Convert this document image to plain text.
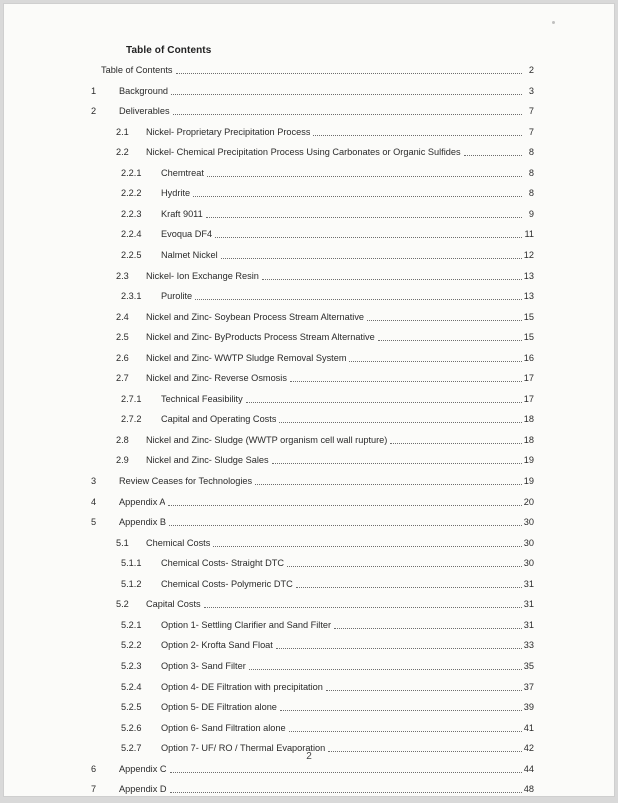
Table of Contents
Table of Contents	2
1	Background	3
2	Deliverables	7
2.1	Nickel- Proprietary Precipitation Process	7
2.2	Nickel- Chemical Precipitation Process Using Carbonates or Organic Sulfides	8
2.2.1	Chemtreat	8
2.2.2	Hydrite	8
2.2.3	Kraft 9011	9
2.2.4	Evoqua DF4	11
2.2.5	Nalmet Nickel	12
2.3	Nickel- Ion Exchange Resin	13
2.3.1	Purolite	13
2.4	Nickel and Zinc- Soybean Process Stream Alternative	15
2.5	Nickel and Zinc- ByProducts Process Stream Alternative	15
2.6	Nickel and Zinc- WWTP Sludge Removal System	16
2.7	Nickel and Zinc- Reverse Osmosis	17
2.7.1	Technical Feasibility	17
2.7.2	Capital and Operating Costs	18
2.8	Nickel and Zinc- Sludge (WWTP organism cell wall rupture)	18
2.9	Nickel and Zinc- Sludge Sales	19
3	Review Ceases for Technologies	19
4	Appendix A	20
5	Appendix B	30
5.1	Chemical Costs	30
5.1.1	Chemical Costs- Straight DTC	30
5.1.2	Chemical Costs- Polymeric DTC	31
5.2	Capital Costs	31
5.2.1	Option 1- Settling Clarifier and Sand Filter	31
5.2.2	Option 2- Krofta Sand Float	33
5.2.3	Option 3- Sand Filter	35
5.2.4	Option 4- DE Filtration with precipitation	37
5.2.5	Option 5- DE Filtration alone	39
5.2.6	Option 6- Sand Filtration alone	41
5.2.7	Option 7- UF/ RO / Thermal Evaporation	42
6	Appendix C	44
7	Appendix D	48
2
